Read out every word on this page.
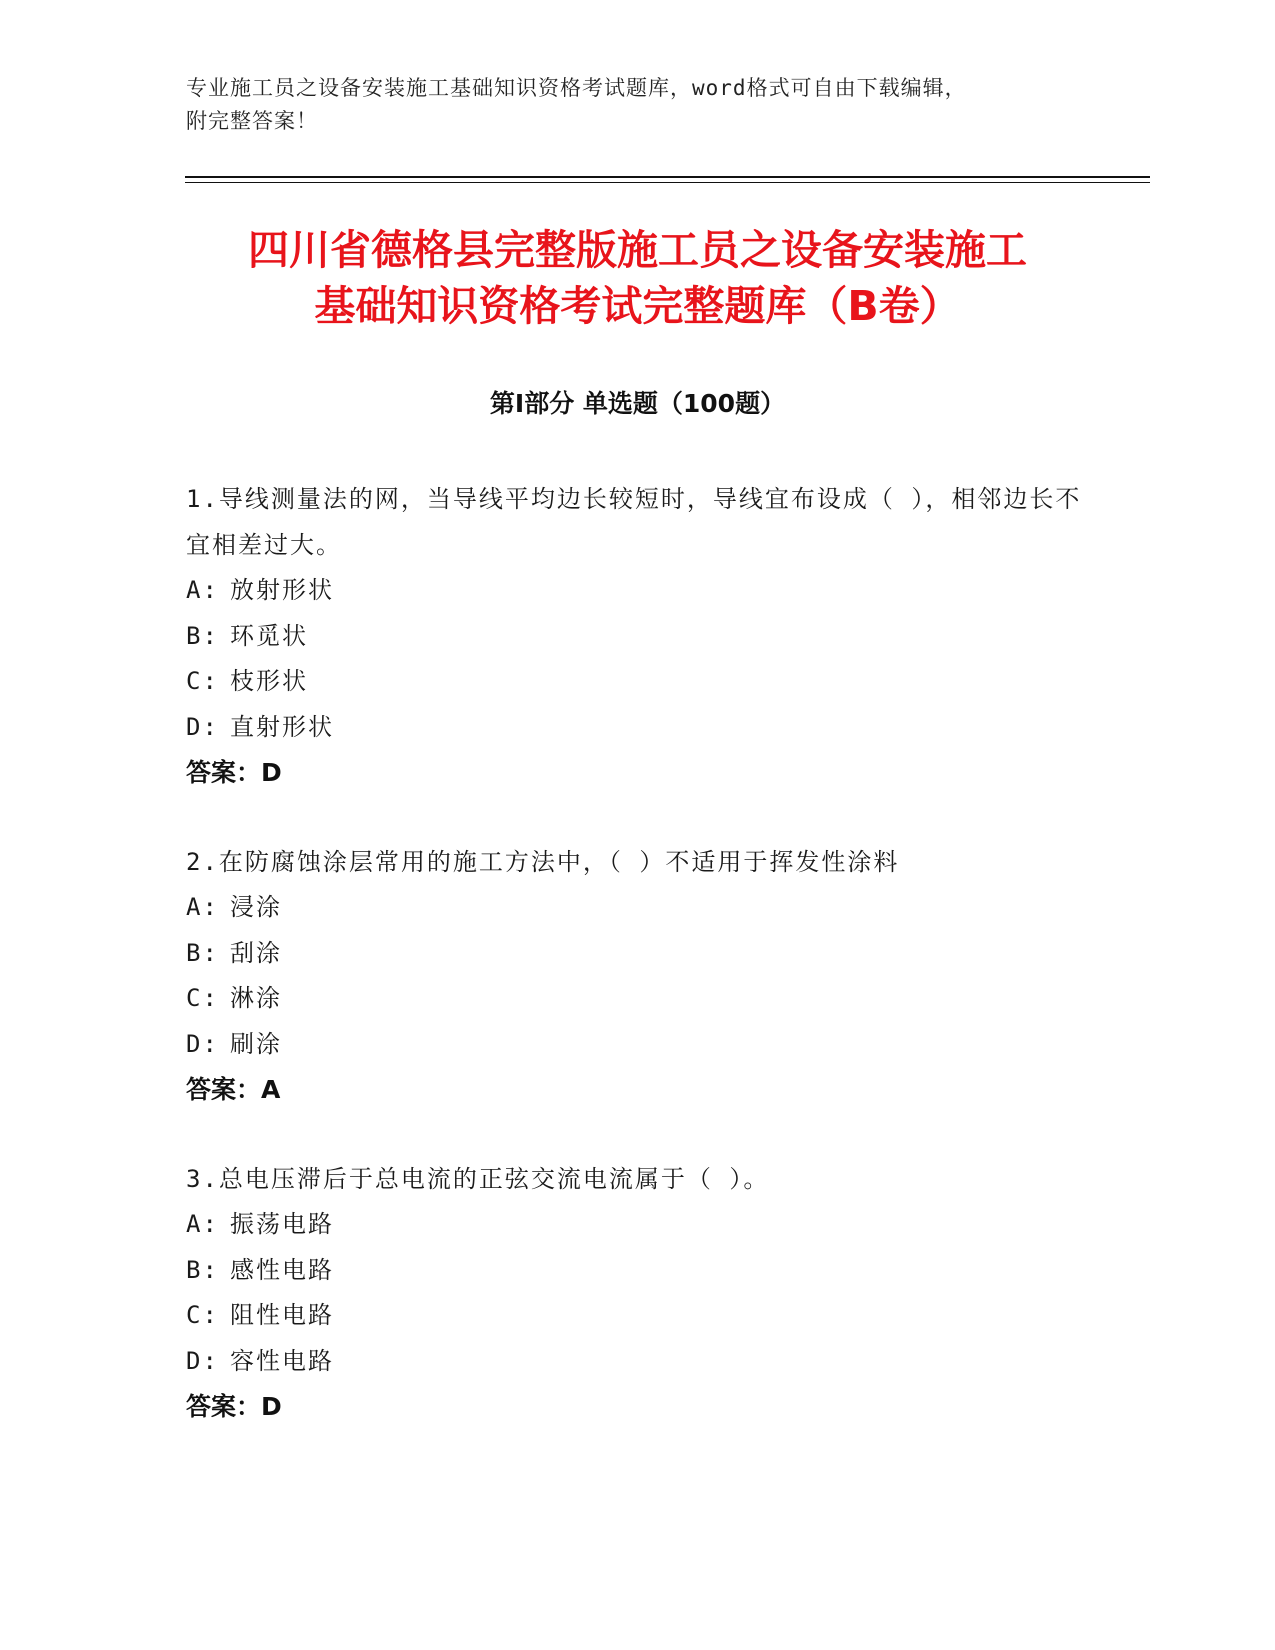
专业施工员之设备安装施工基础知识资格考试题库，word格式可自由下载编辑，
附完整答案！
四川省德格县完整版施工员之设备安装施工
基础知识资格考试完整题库（B卷）
第Ⅰ部分 单选题（100题）

1.导线测量法的网，当导线平均边长较短时，导线宜布设成（ ），相邻边长不宜相差过大。

A: 放射形状

B: 环觅状

C: 枝形状

D: 直射形状

答案：D

2.在防腐蚀涂层常用的施工方法中，（ ）不适用于挥发性涂料

A: 浸涂

B: 刮涂

C: 淋涂

D: 刷涂

答案：A

3.总电压滞后于总电流的正弦交流电流属于（ ）。

A: 振荡电路

B: 感性电路

C: 阻性电路

D: 容性电路

答案：D
